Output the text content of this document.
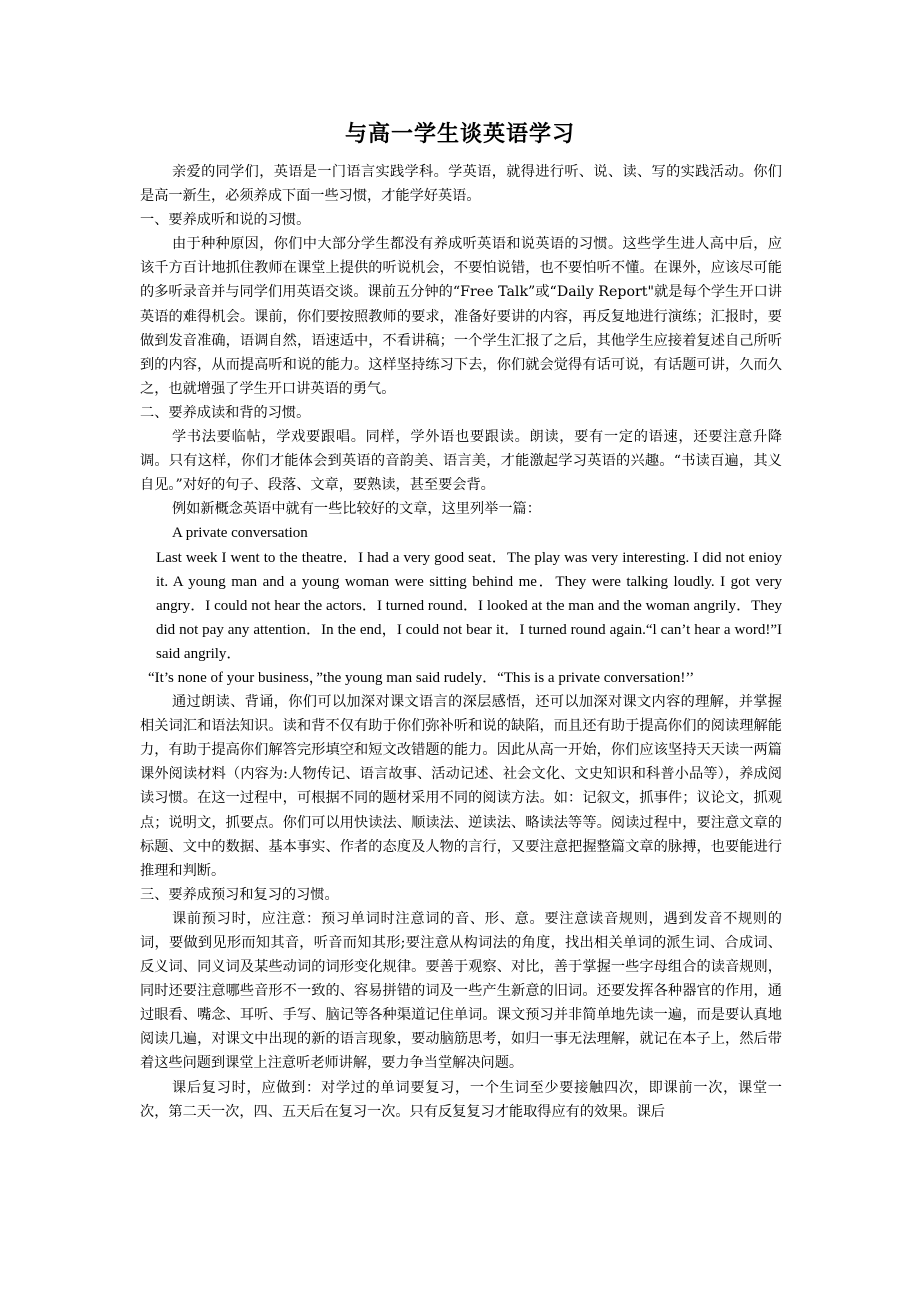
与高一学生谈英语学习

亲爱的同学们，英语是一门语言实践学科。学英语，就得进行听、说、读、写的实践活动。你们是高一新生，必须养成下面一些习惯，才能学好英语。

一、要养成听和说的习惯。

由于种种原因，你们中大部分学生都没有养成听英语和说英语的习惯。这些学生进人高中后，应该千方百计地抓住教师在课堂上提供的听说机会，不要怕说错，也不要怕听不懂。在课外，应该尽可能的多听录音并与同学们用英语交谈。课前五分钟的“Free Talk”或“Daily Report"就是每个学生开口讲英语的难得机会。课前，你们要按照教师的要求，准备好要讲的内容，再反复地进行演练；汇报时，要做到发音准确，语调自然，语速适中，不看讲稿；一个学生汇报了之后，其他学生应接着复述自己所听到的内容，从而提高听和说的能力。这样坚持练习下去，你们就会觉得有话可说，有话题可讲，久而久之，也就增强了学生开口讲英语的勇气。

二、要养成读和背的习惯。

学书法要临帖，学戏要跟唱。同样，学外语也要跟读。朗读，要有一定的语速，还要注意升降调。只有这样，你们才能体会到英语的音韵美、语言美，才能激起学习英语的兴趣。“书读百遍，其义自见。”对好的句子、段落、文章，要熟读，甚至要会背。

例如新概念英语中就有一些比较好的文章，这里列举一篇：

A private conversation

Last week I went to the theatre．I had a very good seat．The play was very interesting. I did not enioy it. A young man and a young woman were sitting behind me．They were talking loudly. I got very angry．I could not hear the actors．I turned round．I looked at the man and the woman angrily．They did not pay any attention．In the end，I could not bear it．I turned round again.“l can’t hear a word!”I said angrily．

“It’s none of your business，”the young man said rudely．“This is a private conversation!’’

通过朗读、背诵，你们可以加深对课文语言的深层感悟，还可以加深对课文内容的理解，并掌握相关词汇和语法知识。读和背不仅有助于你们弥补听和说的缺陷，而且还有助于提高你们的阅读理解能力，有助于提高你们解答完形填空和短文改错题的能力。因此从高一开始，你们应该坚持天天读一两篇课外阅读材料（内容为:人物传记、语言故事、活动记述、社会文化、文史知识和科普小品等），养成阅读习惯。在这一过程中，可根据不同的题材采用不同的阅读方法。如：记叙文，抓事件；议论文，抓观点；说明文，抓要点。你们可以用快读法、顺读法、逆读法、略读法等等。阅读过程中，要注意文章的标题、文中的数据、基本事实、作者的态度及人物的言行，又要注意把握整篇文章的脉搏，也要能进行推理和判断。

三、要养成预习和复习的习惯。

课前预习时，应注意：预习单词时注意词的音、形、意。要注意读音规则，遇到发音不规则的词，要做到见形而知其音，听音而知其形;要注意从构词法的角度，找出相关单词的派生词、合成词、反义词、同义词及某些动词的词形变化规律。要善于观察、对比，善于掌握一些字母组合的读音规则，同时还要注意哪些音形不一致的、容易拼错的词及一些产生新意的旧词。还要发挥各种器官的作用，通过眼看、嘴念、耳听、手写、脑记等各种渠道记住单词。课文预习并非简单地先读一遍，而是要认真地阅读几遍，对课文中出现的新的语言现象，要动脑筋思考，如归一事无法理解，就记在本子上，然后带着这些问题到课堂上注意听老师讲解，要力争当堂解决问题。

课后复习时，应做到：对学过的单词要复习，一个生词至少要接触四次，即课前一次，课堂一次，第二天一次，四、五天后在复习一次。只有反复复习才能取得应有的效果。课后
